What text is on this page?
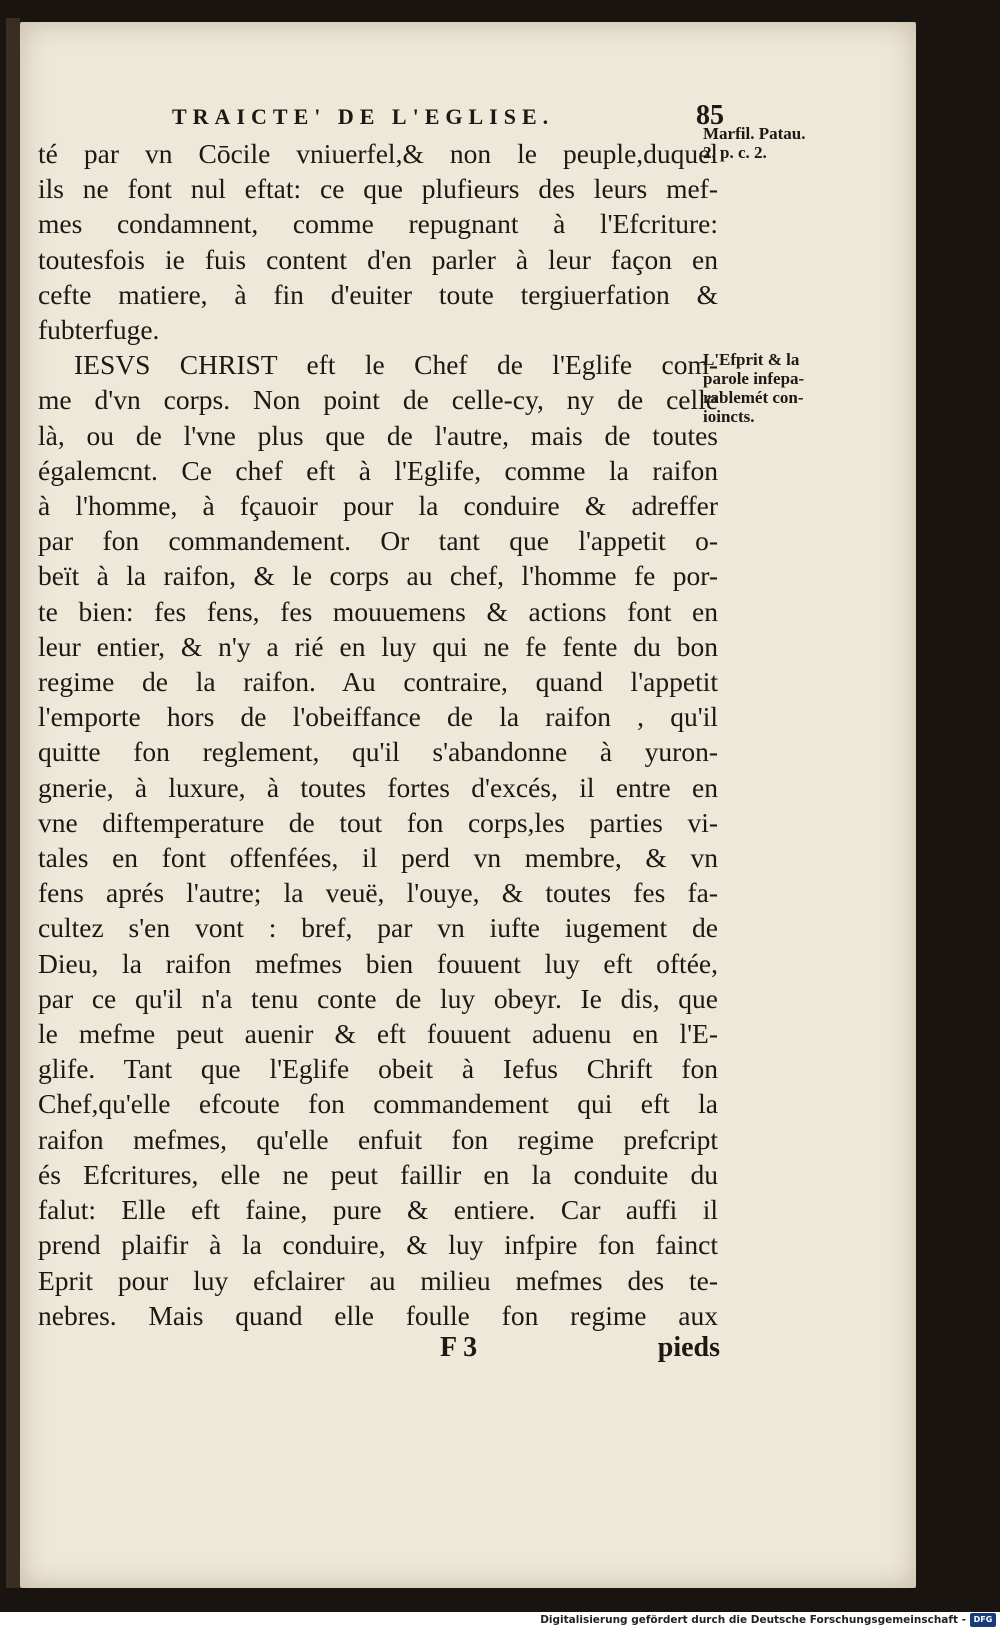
TRAICTE' DE L'EGLISE.	85
Marfil. Patau.
2. p. c. 2.
L'Efprit & la
parole infepa-
rablemét con-
ioincts.
té par vn Cōcile vniuerfel,& non le peuple,duquel
ils ne font nul eftat: ce que plufieurs des leurs mef-
mes condamnent, comme repugnant à l'Efcriture:
toutesfois ie fuis content d'en parler à leur façon en
cefte matiere, à fin d'euiter toute tergiuerfation &
fubterfuge.
IESVS CHRIST eft le Chef de l'Eglife com-
me d'vn corps. Non point de celle-cy, ny de celle
là, ou de l'vne plus que de l'autre, mais de toutes
égalemcnt. Ce chef eft à l'Eglife, comme la raifon
à l'homme, à fçauoir pour la conduire & adreffer
par fon commandement. Or tant que l'appetit o-
beït à la raifon, & le corps au chef, l'homme fe por-
te bien: fes fens, fes mouuemens & actions font en
leur entier, & n'y a rié en luy qui ne fe fente du bon
regime de la raifon. Au contraire, quand l'appetit
l'emporte hors de l'obeiffance de la raifon , qu'il
quitte fon reglement, qu'il s'abandonne à yuron-
gnerie, à luxure, à toutes fortes d'excés, il entre en
vne diftemperature de tout fon corps,les parties vi-
tales en font offenfées, il perd vn membre, & vn
fens aprés l'autre; la veuë, l'ouye, & toutes fes fa-
cultez s'en vont : bref, par vn iufte iugement de
Dieu, la raifon mefmes bien fouuent luy eft oftée,
par ce qu'il n'a tenu conte de luy obeyr. Ie dis, que
le mefme peut auenir & eft fouuent aduenu en l'E-
glife. Tant que l'Eglife obeit à Iefus Chrift fon
Chef,qu'elle efcoute fon commandement qui eft la
raifon mefmes, qu'elle enfuit fon regime prefcript
és Efcritures, elle ne peut faillir en la conduite du
falut: Elle eft faine, pure & entiere. Car auffi il
prend plaifir à la conduire, & luy infpire fon fainct
Eprit pour luy efclairer au milieu mefmes des te-
nebres. Mais quand elle foulle fon regime aux
F 3	pieds
Digitalisierung gefördert durch die Deutsche Forschungsgemeinschaft - DFG
